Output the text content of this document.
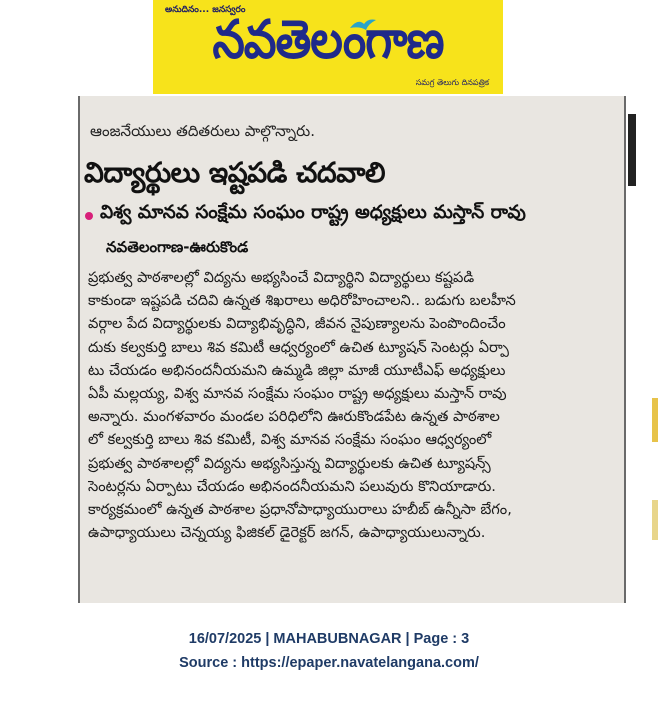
అనుదినం... జనస్వరం
నవతెలంగాణ
సమగ్ర తెలుగు దినపత్రిక
ఆంజనేయులు తదితరులు పాల్గొన్నారు.
విద్యార్థులు ఇష్టపడి చదవాలి
విశ్వ మానవ సంక్షేమ సంఘం రాష్ట్ర అధ్యక్షులు మస్తాన్ రావు
నవతెలంగాణ-ఊరుకొండ
ప్రభుత్వ పాఠశాలల్లో విద్యను అభ్యసించే విద్యార్థిని విద్యార్థులు కష్టపడి
కాకుండా ఇష్టపడి చదివి ఉన్నత శిఖరాలు అధిరోహించాలని.. బడుగు బలహీన
వర్గాల పేద విద్యార్థులకు విద్యాభివృద్ధిని, జీవన నైపుణ్యాలను పెంపొందించేం
దుకు కల్వకుర్తి బాలు శివ కమిటీ ఆధ్వర్యంలో ఉచిత ట్యూషన్ సెంటర్లు ఏర్పా
టు చేయడం అభినందనీయమని ఉమ్మడి జిల్లా మాజీ యూటీఎఫ్ అధ్యక్షులు
ఏపీ మల్లయ్య, విశ్వ మానవ సంక్షేమ సంఘం రాష్ట్ర అధ్యక్షులు మస్తాన్ రావు
అన్నారు. మంగళవారం మండల పరిధిలోని ఊరుకొండపేట ఉన్నత పాఠశాల
లో కల్వకుర్తి బాలు శివ కమిటీ, విశ్వ మానవ సంక్షేమ సంఘం ఆధ్వర్యంలో
ప్రభుత్వ పాఠశాలల్లో విద్యను అభ్యసిస్తున్న విద్యార్థులకు ఉచిత ట్యూషన్స్
సెంటర్లను ఏర్పాటు చేయడం అభినందనీయమని పలువురు కొనియాడారు.
కార్యక్రమంలో ఉన్నత పాఠశాల ప్రధానోపాధ్యాయురాలు హబీబ్ ఉన్నీసా బేగం,
ఉపాధ్యాయులు చెన్నయ్య ఫిజికల్ డైరెక్టర్ జగన్, ఉపాధ్యాయులున్నారు.
16/07/2025 | MAHABUBNAGAR | Page : 3
Source : https://epaper.navatelangana.com/
